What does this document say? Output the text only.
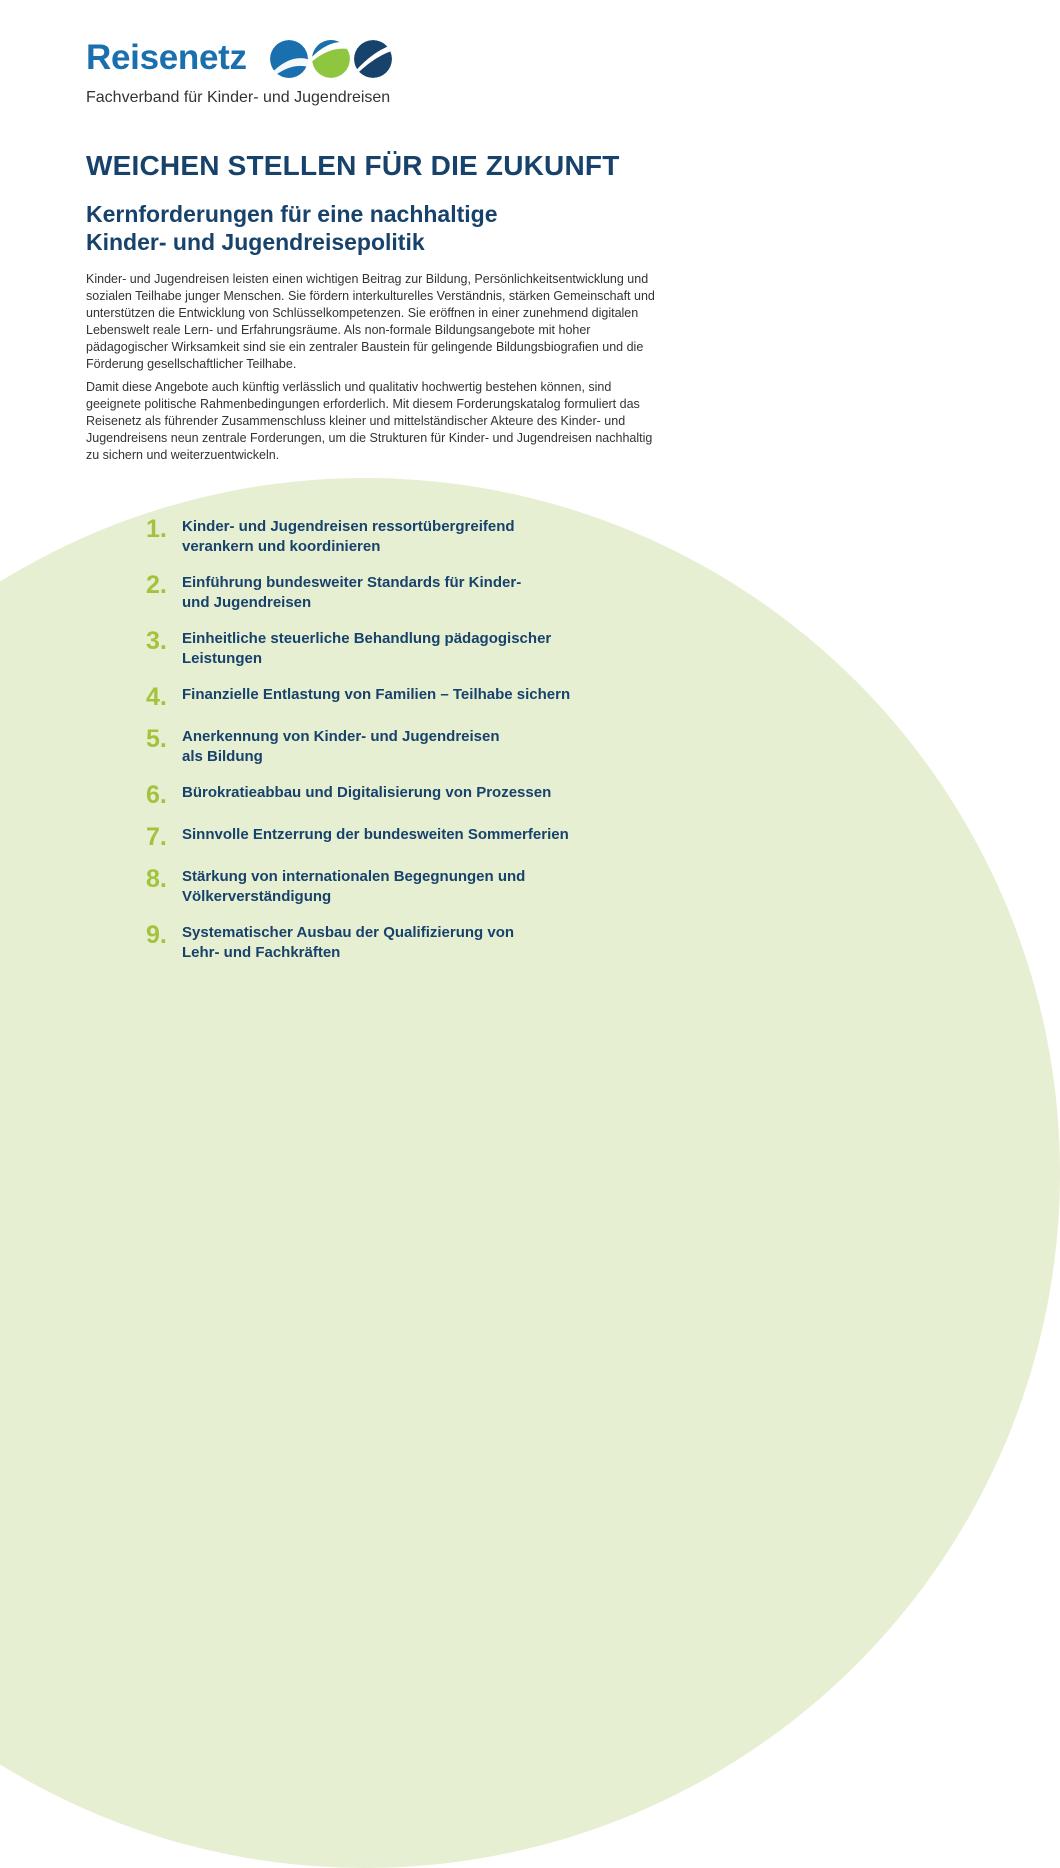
Reisenetz
Fachverband für Kinder- und Jugendreisen
WEICHEN STELLEN FÜR DIE ZUKUNFT
Kernforderungen für eine nachhaltige
Kinder- und Jugendreisepolitik

Kinder- und Jugendreisen leisten einen wichtigen Beitrag zur Bildung, Persönlichkeitsentwicklung und sozialen Teilhabe junger Menschen. Sie fördern interkulturelles Verständnis, stärken Gemeinschaft und unterstützen die Entwicklung von Schlüsselkompetenzen. Sie eröffnen in einer zunehmend digitalen Lebenswelt reale Lern- und Erfahrungsräume. Als non-formale Bildungsangebote mit hoher pädagogischer Wirksamkeit sind sie ein zentraler Baustein für gelingende Bildungsbiografien und die Förderung gesellschaftlicher Teilhabe.

Damit diese Angebote auch künftig verlässlich und qualitativ hochwertig bestehen können, sind geeignete politische Rahmenbedingungen erforderlich. Mit diesem Forderungskatalog formuliert das Reisenetz als führender Zusammenschluss kleiner und mittelständischer Akteure des Kinder- und Jugendreisens neun zentrale Forderungen, um die Strukturen für Kinder- und Jugendreisen nachhaltig zu sichern und weiterzuentwickeln.

1.	Kinder- und Jugendreisen ressortübergreifend
verankern und koordinieren
2.	Einführung bundesweiter Standards für Kinder-
und Jugendreisen
3.	Einheitliche steuerliche Behandlung pädagogischer
Leistungen
4.	Finanzielle Entlastung von Familien – Teilhabe sichern
5.	Anerkennung von Kinder- und Jugendreisen
als Bildung
6.	Bürokratieabbau und Digitalisierung von Prozessen
7.	Sinnvolle Entzerrung der bundesweiten Sommerferien
8.	Stärkung von internationalen Begegnungen und
Völkerverständigung
9.	Systematischer Ausbau der Qualifizierung von
Lehr- und Fachkräften
